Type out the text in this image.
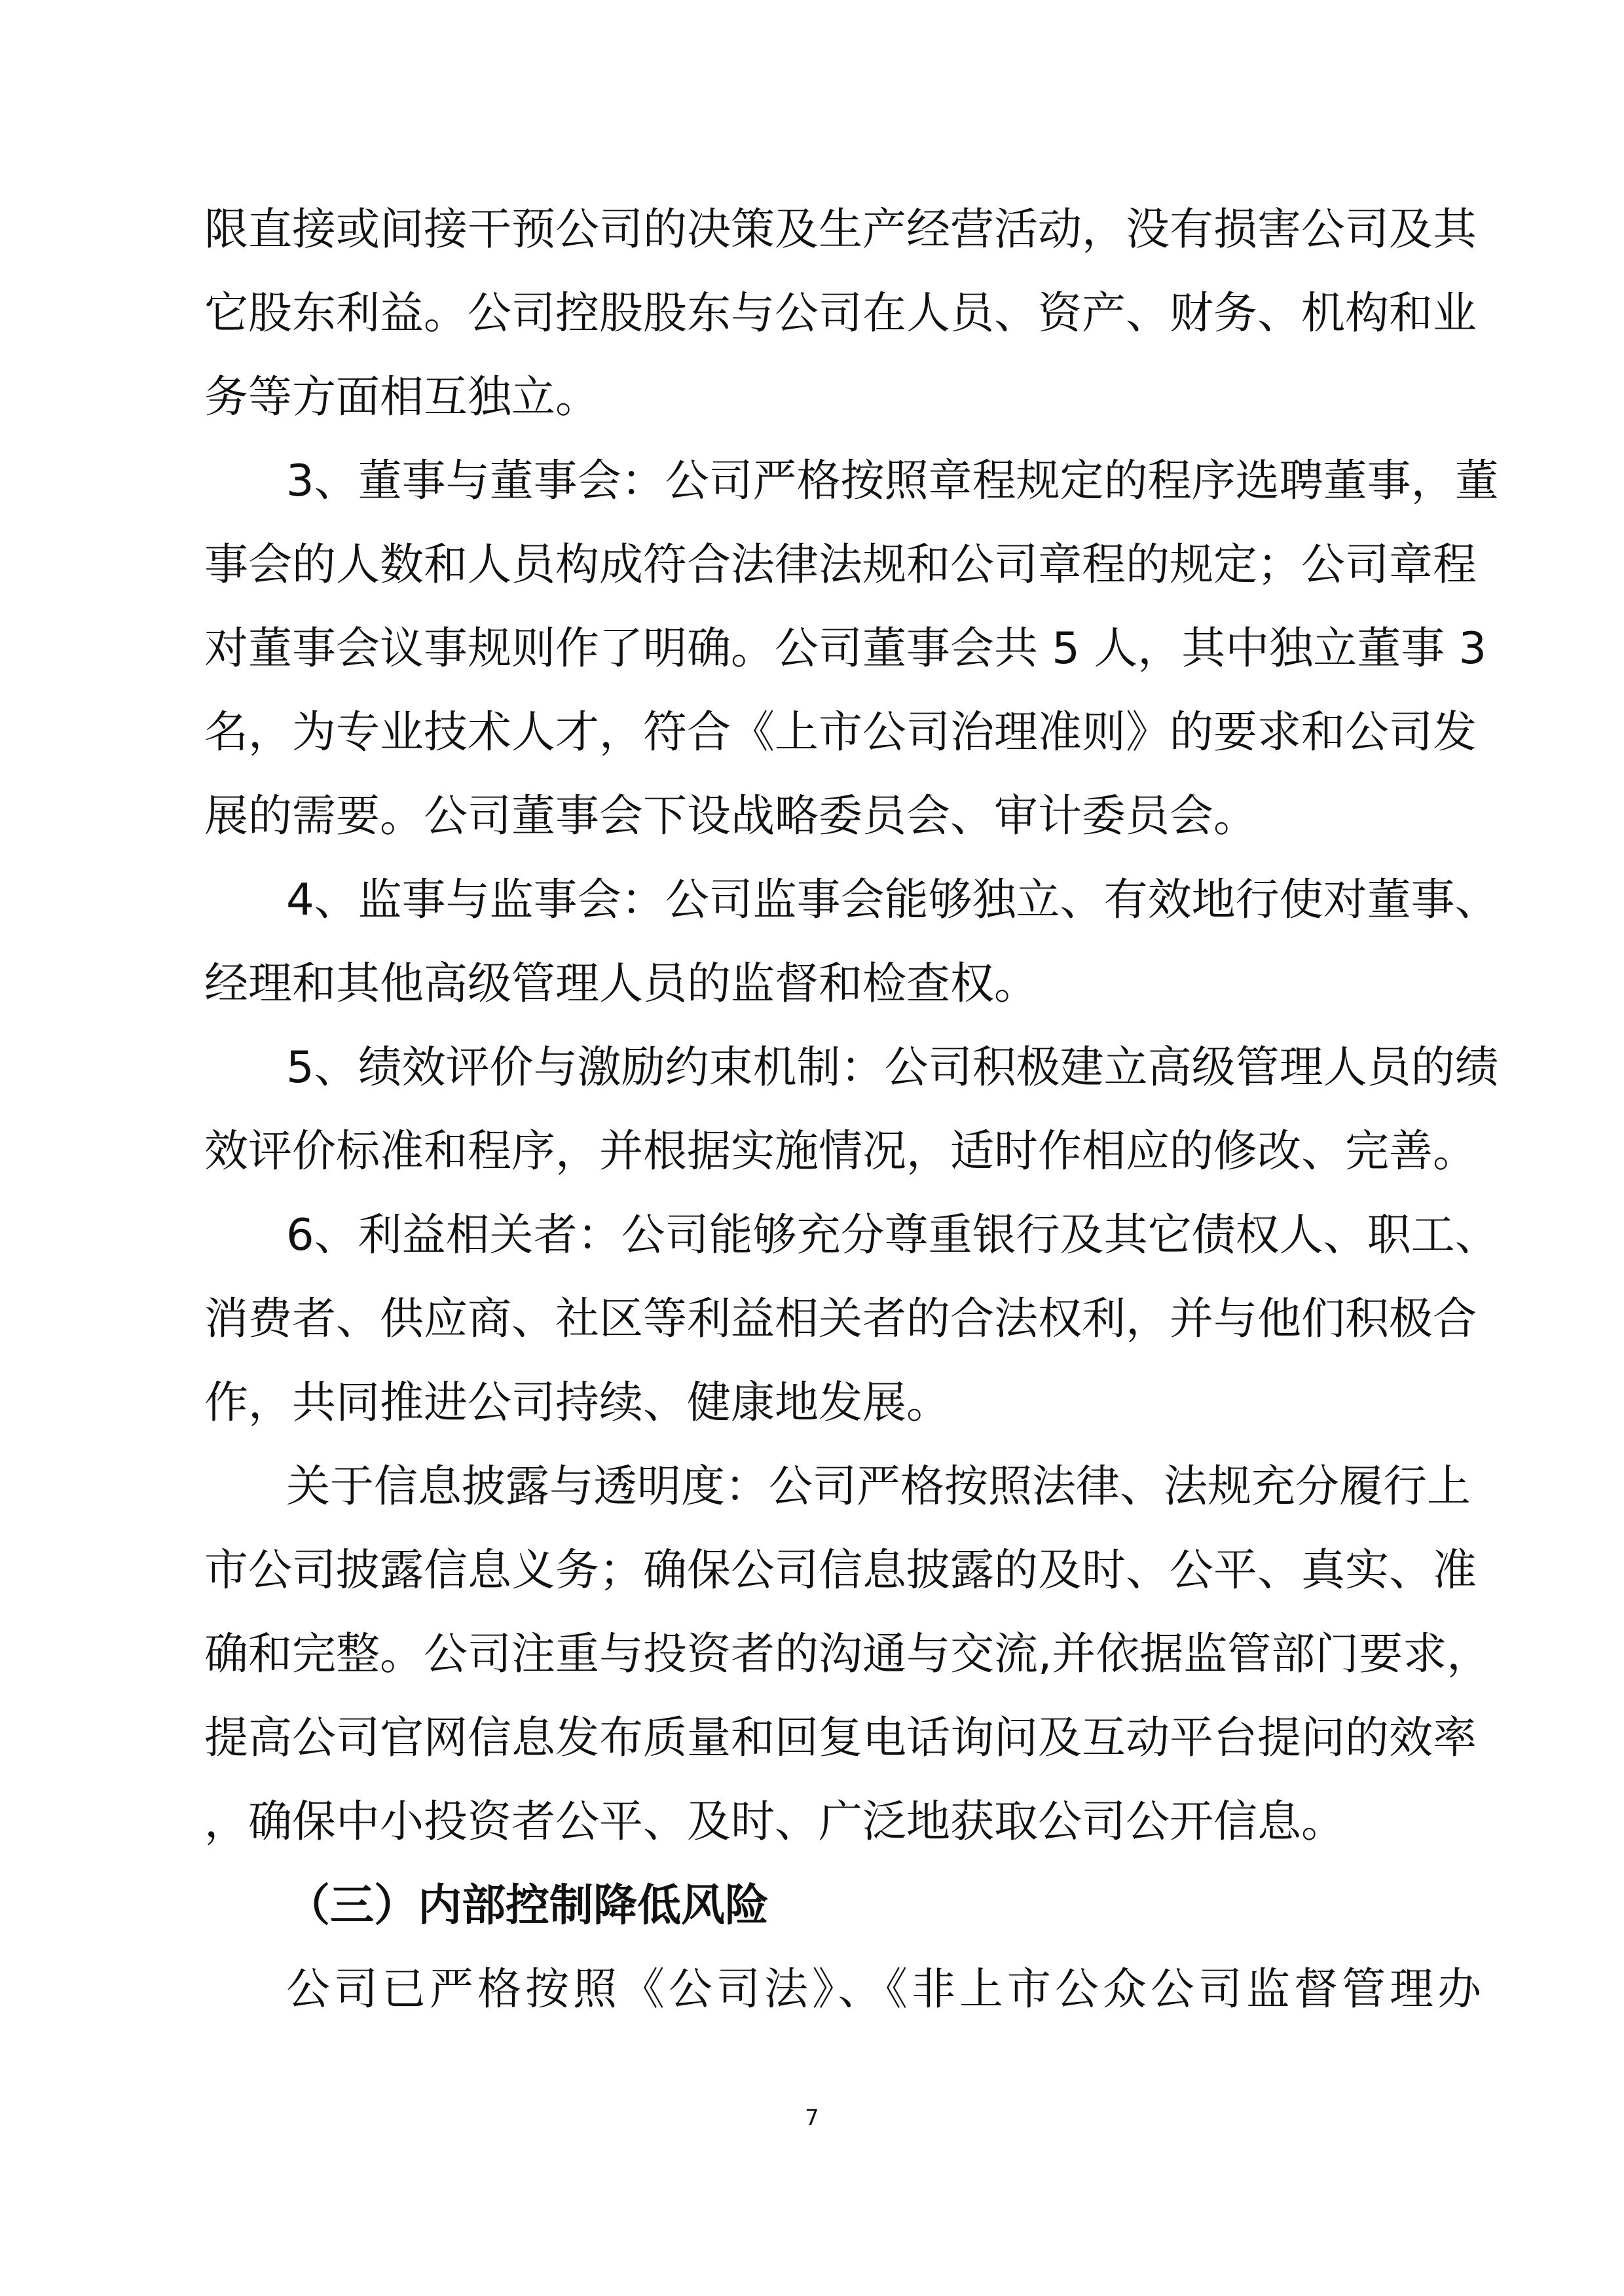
限直接或间接干预公司的决策及生产经营活动，没有损害公司及其
它股东利益。公司控股股东与公司在人员、资产、财务、机构和业
务等方面相互独立。
3、董事与董事会：公司严格按照章程规定的程序选聘董事，董
事会的人数和人员构成符合法律法规和公司章程的规定；公司章程
对董事会议事规则作了明确。公司董事会共 5 人，其中独立董事 3
名，为专业技术人才，符合《上市公司治理准则》的要求和公司发
展的需要。公司董事会下设战略委员会、审计委员会。
4、监事与监事会：公司监事会能够独立、有效地行使对董事、
经理和其他高级管理人员的监督和检查权。
5、绩效评价与激励约束机制：公司积极建立高级管理人员的绩
效评价标准和程序，并根据实施情况，适时作相应的修改、完善。
6、利益相关者：公司能够充分尊重银行及其它债权人、职工、
消费者、供应商、社区等利益相关者的合法权利，并与他们积极合
作，共同推进公司持续、健康地发展。
关于信息披露与透明度：公司严格按照法律、法规充分履行上
市公司披露信息义务；确保公司信息披露的及时、公平、真实、准
确和完整。公司注重与投资者的沟通与交流,并依据监管部门要求，
提高公司官网信息发布质量和回复电话询问及互动平台提问的效率
，确保中小投资者公平、及时、广泛地获取公司公开信息。
（三）内部控制降低风险
公司已严格按照《公司法》、《非上市公众公司监督管理办
7
